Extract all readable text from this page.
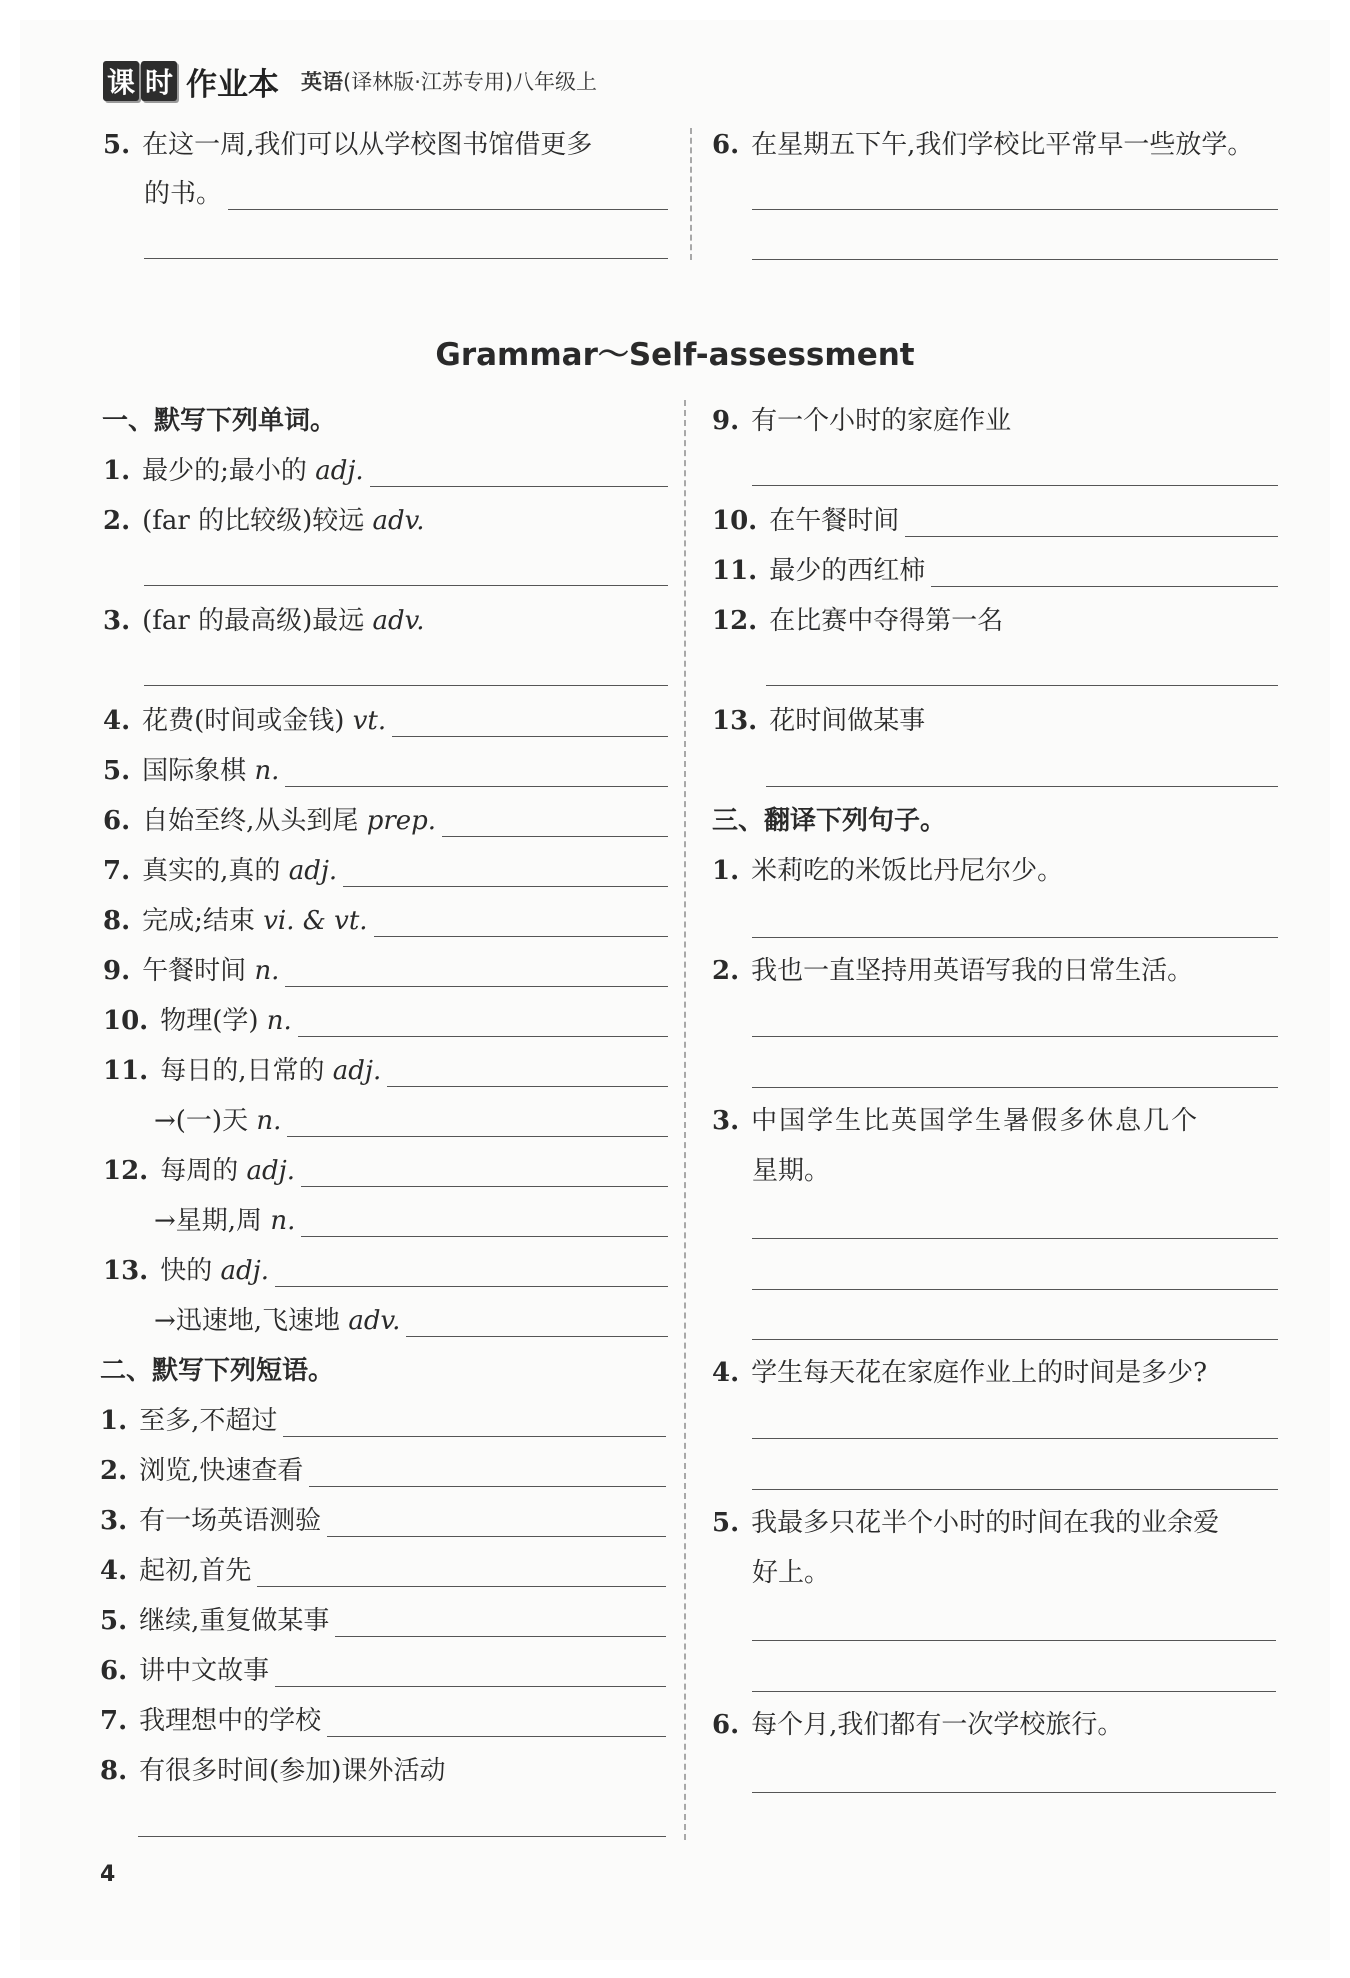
课 时 作业本 英语(译林版·江苏专用)八年级上
5. 在这一周,我们可以从学校图书馆借更多
的书。
6. 在星期五下午,我们学校比平常早一些放学。
Grammar～Self-assessment
一、默写下列单词。
1. 最少的;最小的
adj.
2. (far 的比较级)较远
adv.
3. (far 的最高级)最远
adv.
4. 花费(时间或金钱)
vt.
5. 国际象棋
n.
6. 自始至终,从头到尾
prep.
7. 真实的,真的
adj.
8. 完成;结束
vi. & vt.
9. 午餐时间
n.
10. 物理(学)
n.
11. 每日的,日常的
adj.
→(一)天
n.
12. 每周的
adj.
→星期,周
n.
13. 快的
adj.
→迅速地,飞速地
adv.
二、默写下列短语。
1. 至多,不超过
2. 浏览,快速查看
3. 有一场英语测验
4. 起初,首先
5. 继续,重复做某事
6. 讲中文故事
7. 我理想中的学校
8. 有很多时间(参加)课外活动
9. 有一个小时的家庭作业
10. 在午餐时间
11. 最少的西红柿
12. 在比赛中夺得第一名
13. 花时间做某事
三、翻译下列句子。
1. 米莉吃的米饭比丹尼尔少。
2. 我也一直坚持用英语写我的日常生活。
3. 中国学生比英国学生暑假多休息几个
星期。
4. 学生每天花在家庭作业上的时间是多少?
5. 我最多只花半个小时的时间在我的业余爱
好上。
6. 每个月,我们都有一次学校旅行。
4
